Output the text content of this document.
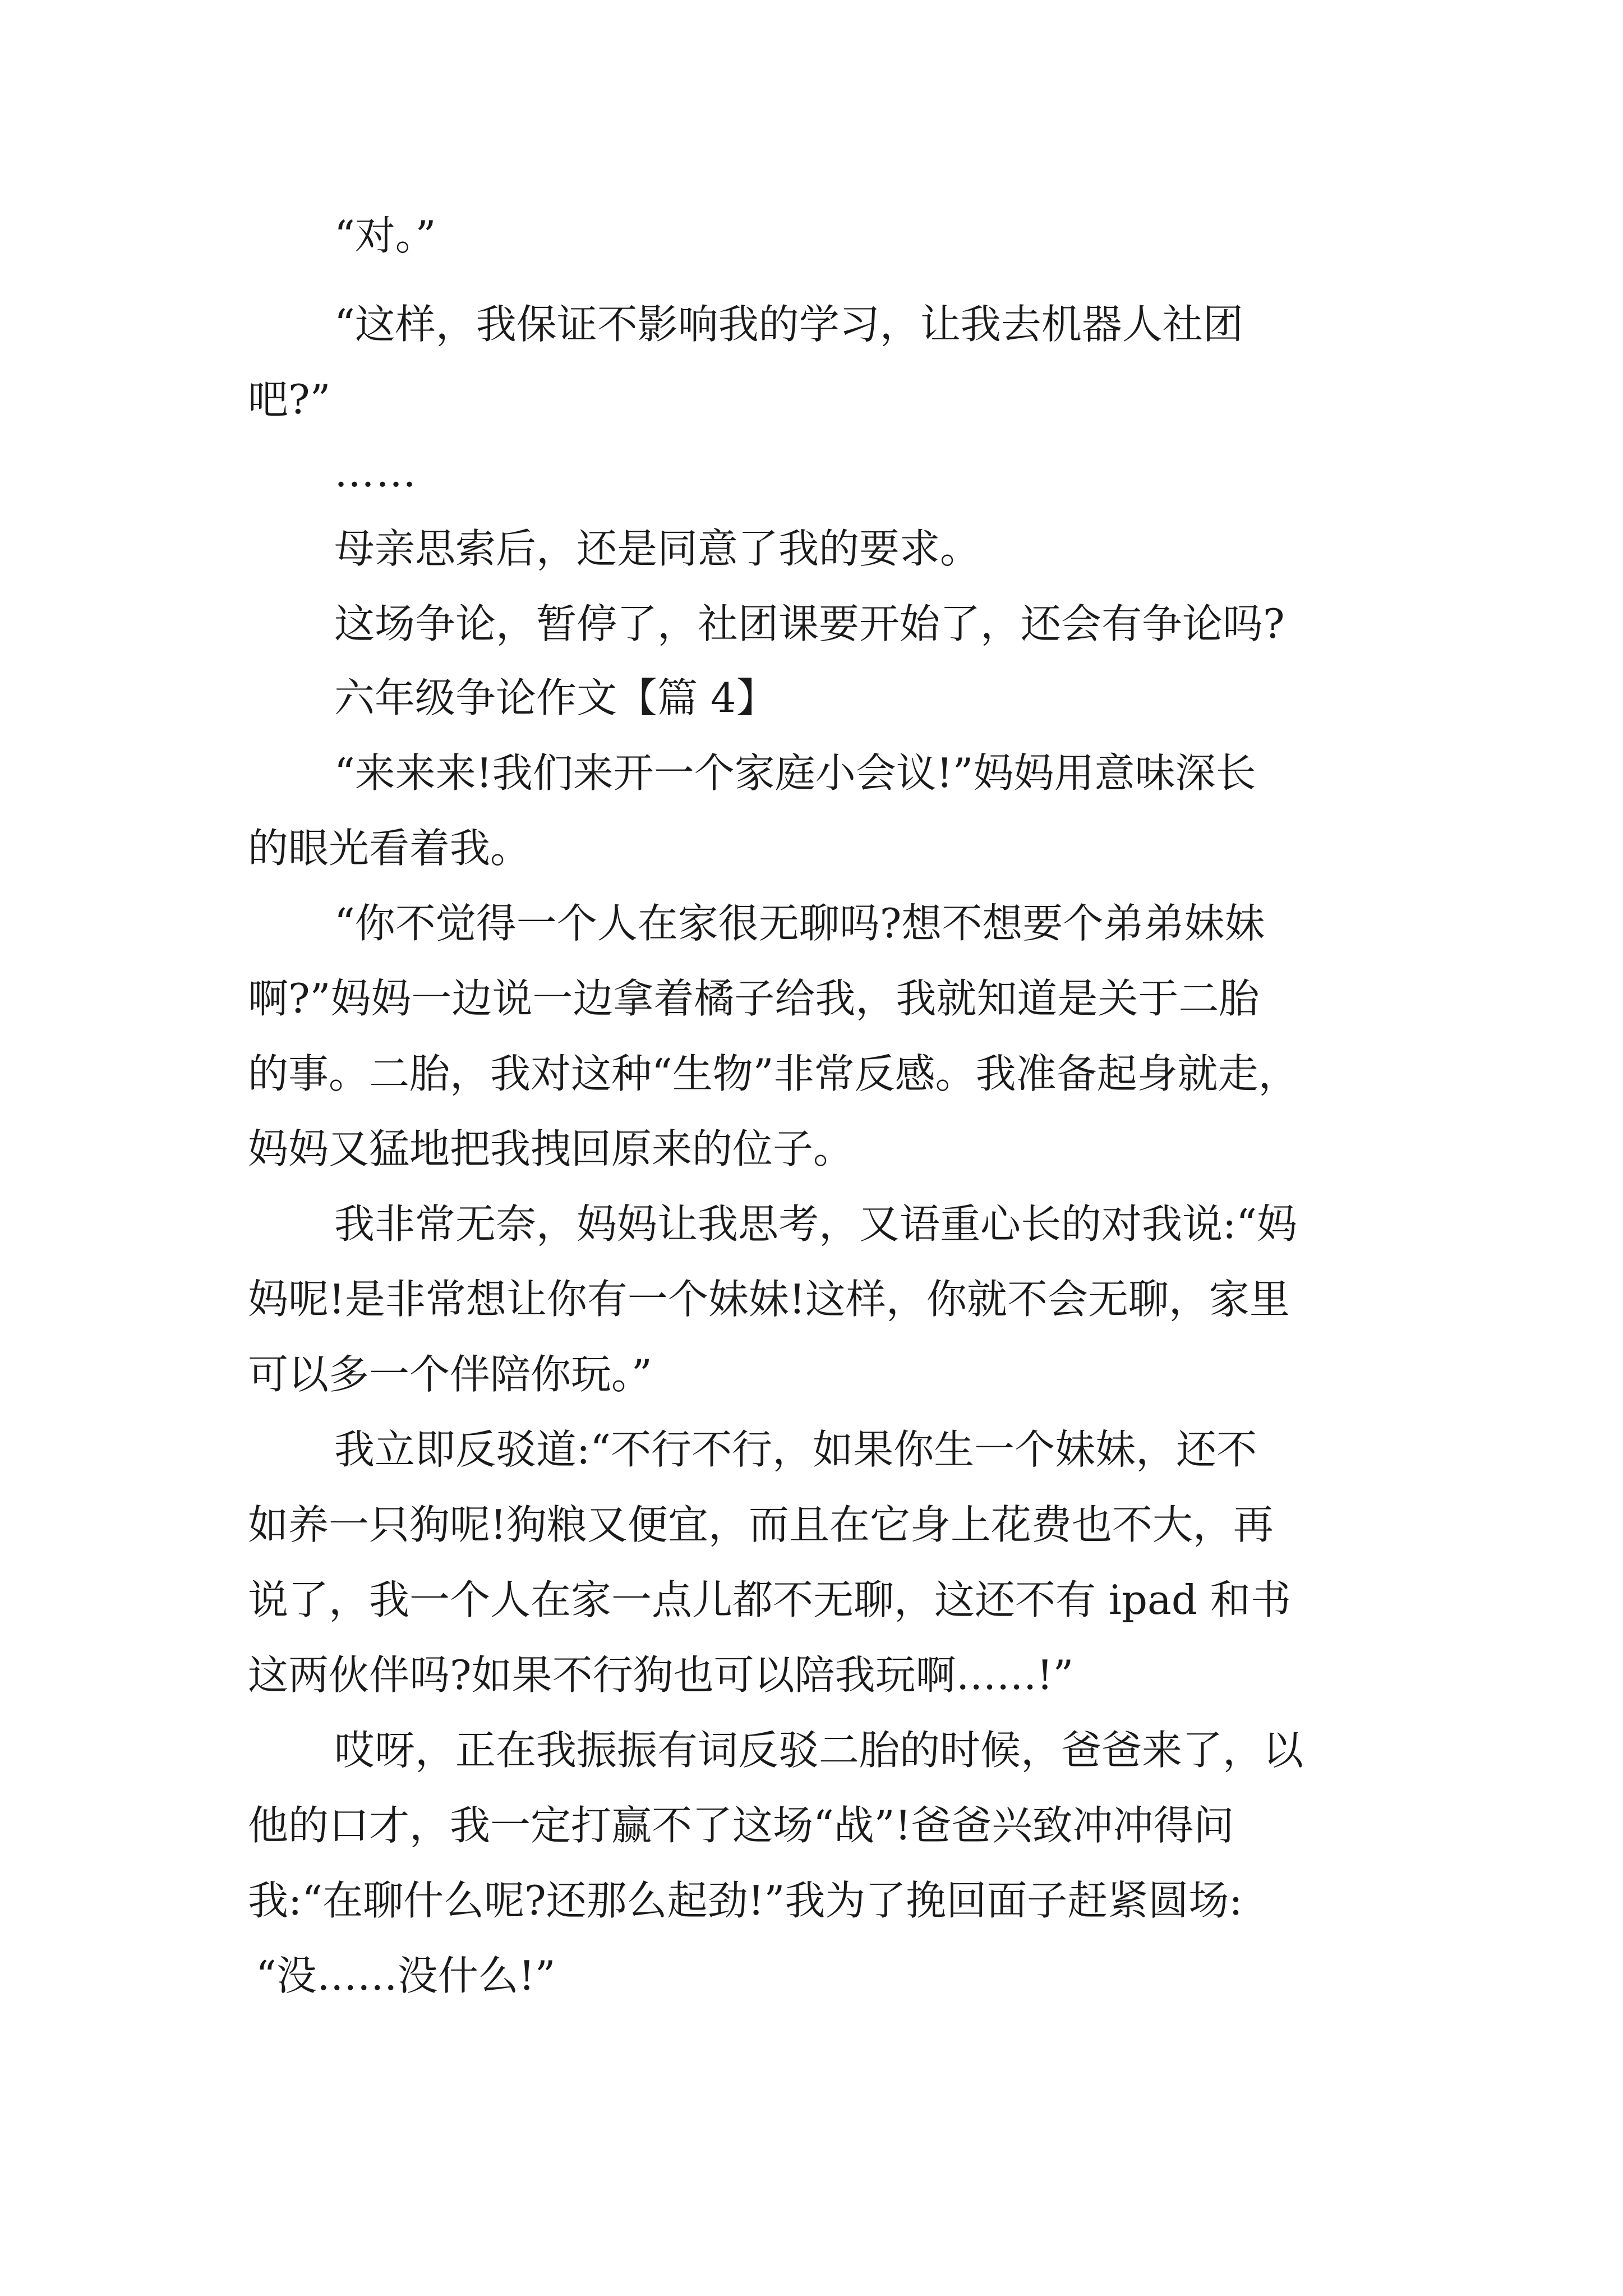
“对。”

“这样，我保证不影响我的学习，让我去机器人社团

吧?”

……

母亲思索后，还是同意了我的要求。

这场争论，暂停了，社团课要开始了，还会有争论吗?

六年级争论作文【篇 4】

“来来来!我们来开一个家庭小会议!”妈妈用意味深长

的眼光看着我。

“你不觉得一个人在家很无聊吗?想不想要个弟弟妹妹

啊?”妈妈一边说一边拿着橘子给我，我就知道是关于二胎

的事。二胎，我对这种“生物”非常反感。我准备起身就走，

妈妈又猛地把我拽回原来的位子。

我非常无奈，妈妈让我思考，又语重心长的对我说:“妈

妈呢!是非常想让你有一个妹妹!这样，你就不会无聊，家里

可以多一个伴陪你玩。”

我立即反驳道:“不行不行，如果你生一个妹妹，还不

如养一只狗呢!狗粮又便宜，而且在它身上花费也不大，再

说了，我一个人在家一点儿都不无聊，这还不有 ipad 和书

这两伙伴吗?如果不行狗也可以陪我玩啊……!”

哎呀，正在我振振有词反驳二胎的时候，爸爸来了，以

他的口才，我一定打赢不了这场“战”!爸爸兴致冲冲得问

我:“在聊什么呢?还那么起劲!”我为了挽回面子赶紧圆场:

“没……没什么!”
